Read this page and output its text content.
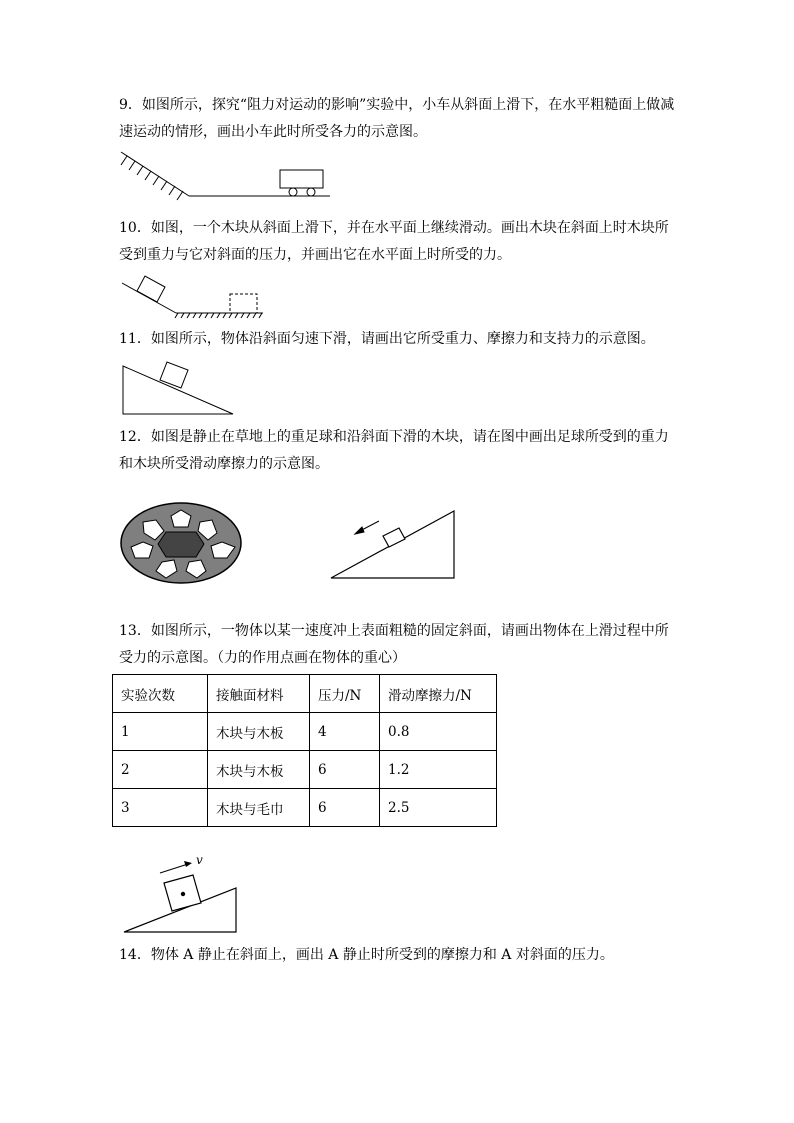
9．如图所示，探究“阻力对运动的影响”实验中，小车从斜面上滑下，在水平粗糙面上做减速运动的情形，画出小车此时所受各力的示意图。

10．如图，一个木块从斜面上滑下，并在水平面上继续滑动。画出木块在斜面上时木块所受到重力与它对斜面的压力，并画出它在水平面上时所受的力。

11．如图所示，物体沿斜面匀速下滑，请画出它所受重力、摩擦力和支持力的示意图。

12．如图是静止在草地上的重足球和沿斜面下滑的木块，请在图中画出足球所受到的重力和木块所受滑动摩擦力的示意图。

13．如图所示，一物体以某一速度冲上表面粗糙的固定斜面，请画出物体在上滑过程中所受力的示意图。（力的作用点画在物体的重心）

实验次数	接触面材料	压力/N	滑动摩擦力/N
1	木块与木板	4	0.8
2	木块与木板	6	1.2
3	木块与毛巾	6	2.5
v

14．物体 A 静止在斜面上，画出 A 静止时所受到的摩擦力和 A 对斜面的压力。
